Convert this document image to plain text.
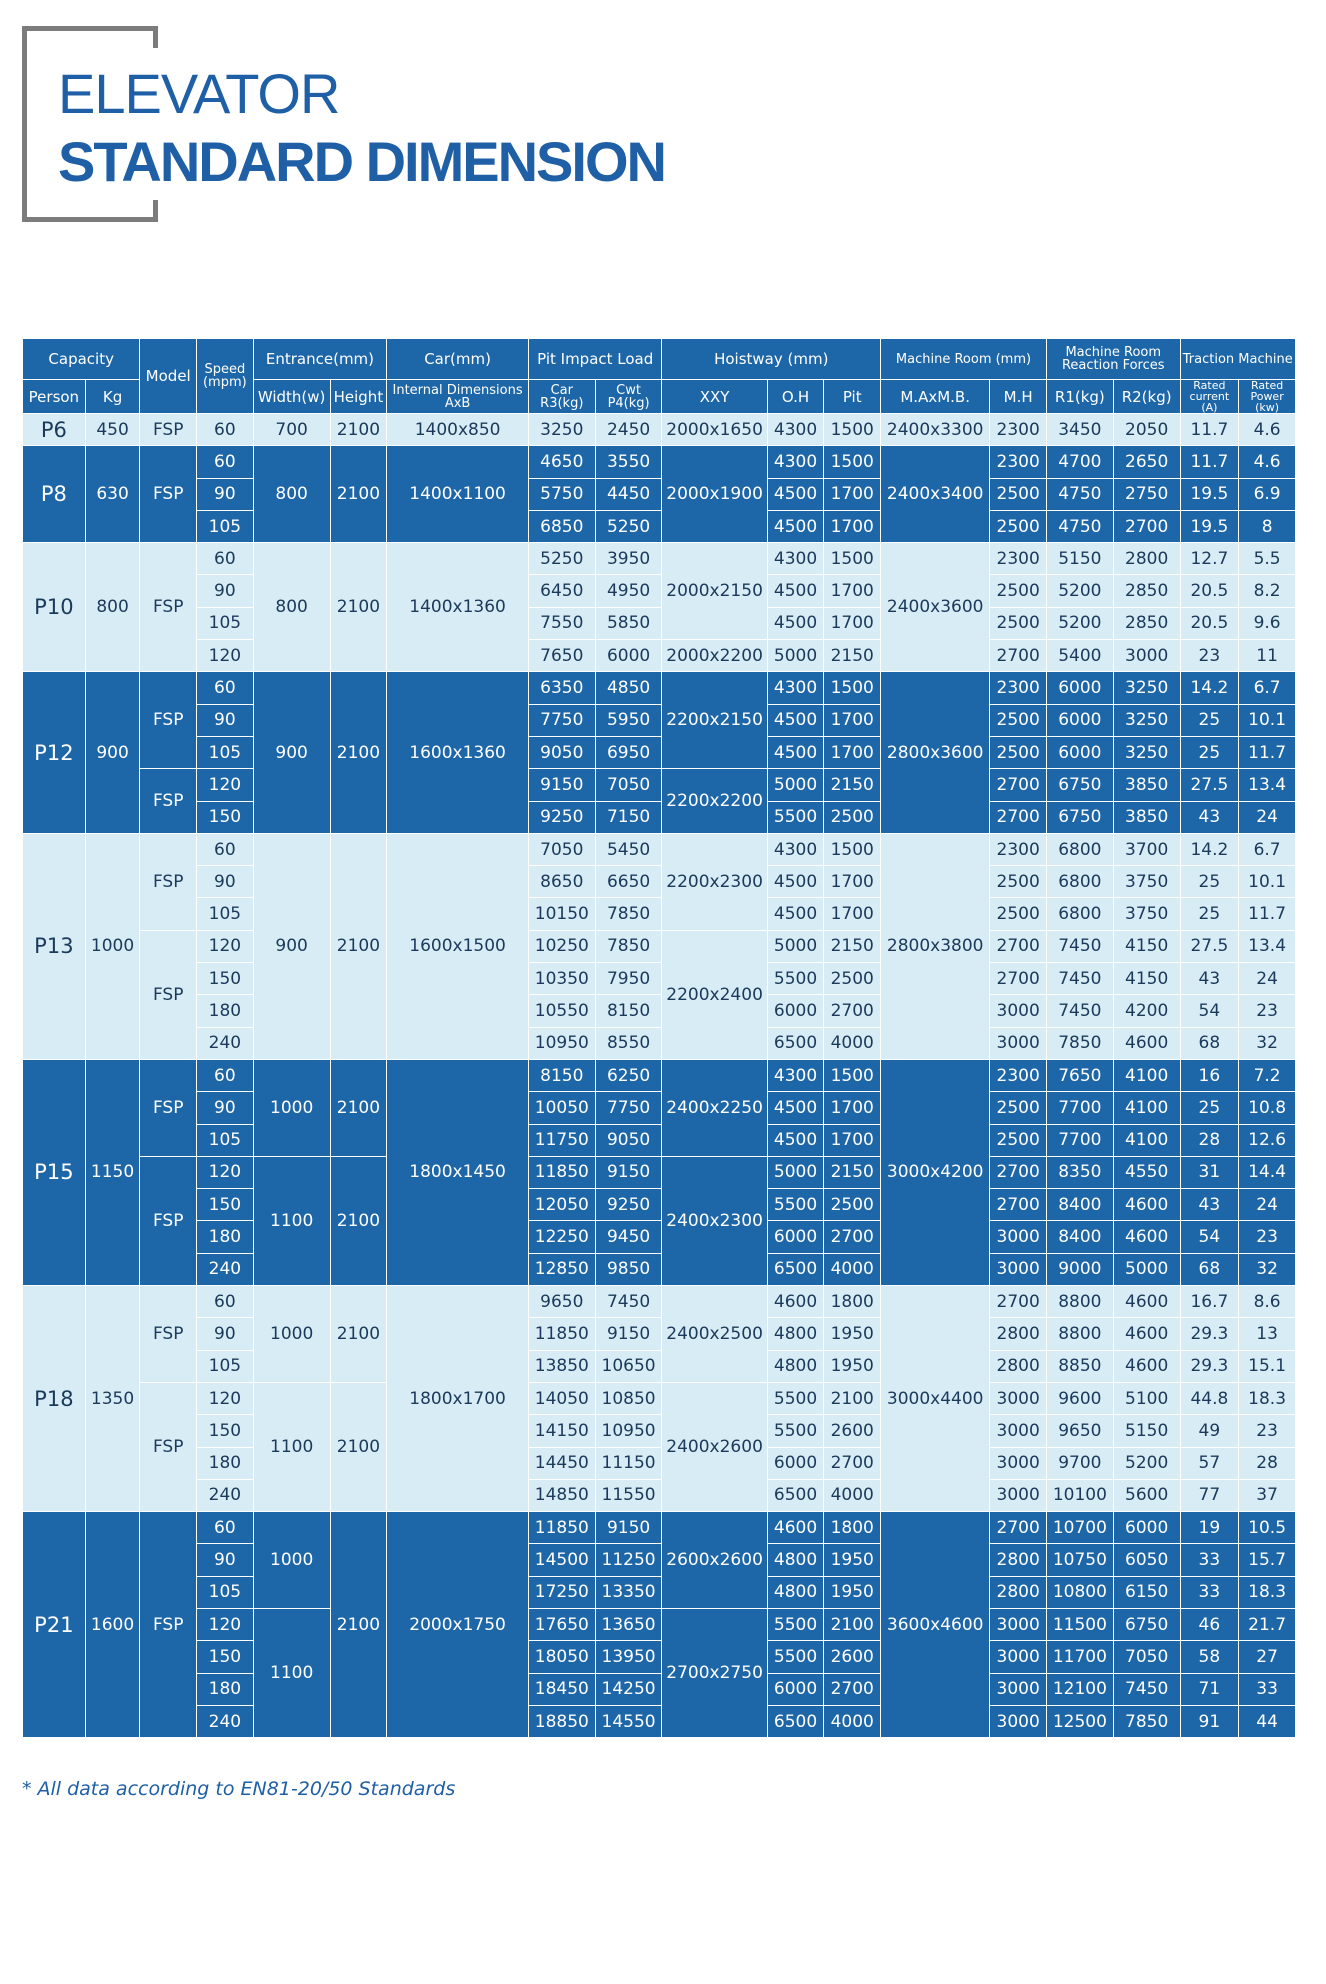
ELEVATOR
STANDARD DIMENSION
Capacity		Model	Speed (mpm)	Entrance(mm)		Car(mm)	Pit Impact Load		Hoistway (mm)			Machine Room (mm)		Machine Room Reaction Forces		Traction Machine	
Person	Kg			Width(w)	Height	Internal Dimensions AxB	Car R3(kg)	Cwt P4(kg)	XXY	O.H	Pit	M.AxM.B.	M.H	R1(kg)	R2(kg)	Rated current (A)	Rated Power (kw)
P6	450	FSP	60	700	2100	1400x850	3250	2450	2000x1650	4300	1500	2400x3300	2300	3450	2050	11.7	4.6
P8	630	FSP	60	800	2100	1400x1100	4650	3550	2000x1900	4300	1500	2400x3400	2300	4700	2650	11.7	4.6
			90				5750	4450		4500	1700		2500	4750	2750	19.5	6.9
			105				6850	5250		4500	1700		2500	4750	2700	19.5	8
P10	800	FSP	60	800	2100	1400x1360	5250	3950	2000x2150	4300	1500	2400x3600	2300	5150	2800	12.7	5.5
			90				6450	4950		4500	1700		2500	5200	2850	20.5	8.2
			105				7550	5850		4500	1700		2500	5200	2850	20.5	9.6
			120				7650	6000	2000x2200	5000	2150		2700	5400	3000	23	11
P12	900	FSP	60	900	2100	1600x1360	6350	4850	2200x2150	4300	1500	2800x3600	2300	6000	3250	14.2	6.7
			90				7750	5950		4500	1700		2500	6000	3250	25	10.1
			105				9050	6950		4500	1700		2500	6000	3250	25	11.7
		FSP	120				9150	7050	2200x2200	5000	2150		2700	6750	3850	27.5	13.4
			150				9250	7150		5500	2500		2700	6750	3850	43	24
P13	1000	FSP	60	900	2100	1600x1500	7050	5450	2200x2300	4300	1500	2800x3800	2300	6800	3700	14.2	6.7
			90				8650	6650		4500	1700		2500	6800	3750	25	10.1
			105				10150	7850		4500	1700		2500	6800	3750	25	11.7
		FSP	120				10250	7850	2200x2400	5000	2150		2700	7450	4150	27.5	13.4
			150				10350	7950		5500	2500		2700	7450	4150	43	24
			180				10550	8150		6000	2700		3000	7450	4200	54	23
			240				10950	8550		6500	4000		3000	7850	4600	68	32
P15	1150	FSP	60	1000	2100	1800x1450	8150	6250	2400x2250	4300	1500	3000x4200	2300	7650	4100	16	7.2
			90				10050	7750		4500	1700		2500	7700	4100	25	10.8
			105				11750	9050		4500	1700		2500	7700	4100	28	12.6
		FSP	120	1100	2100		11850	9150	2400x2300	5000	2150		2700	8350	4550	31	14.4
			150				12050	9250		5500	2500		2700	8400	4600	43	24
			180				12250	9450		6000	2700		3000	8400	4600	54	23
			240				12850	9850		6500	4000		3000	9000	5000	68	32
P18	1350	FSP	60	1000	2100	1800x1700	9650	7450	2400x2500	4600	1800	3000x4400	2700	8800	4600	16.7	8.6
			90				11850	9150		4800	1950		2800	8800	4600	29.3	13
			105				13850	10650		4800	1950		2800	8850	4600	29.3	15.1
		FSP	120	1100	2100		14050	10850	2400x2600	5500	2100		3000	9600	5100	44.8	18.3
			150				14150	10950		5500	2600		3000	9650	5150	49	23
			180				14450	11150		6000	2700		3000	9700	5200	57	28
			240				14850	11550		6500	4000		3000	10100	5600	77	37
P21	1600	FSP	60	1000	2100	2000x1750	11850	9150	2600x2600	4600	1800	3600x4600	2700	10700	6000	19	10.5
			90				14500	11250		4800	1950		2800	10750	6050	33	15.7
			105				17250	13350		4800	1950		2800	10800	6150	33	18.3
			120	1100			17650	13650	2700x2750	5500	2100		3000	11500	6750	46	21.7
			150				18050	13950		5500	2600		3000	11700	7050	58	27
			180				18450	14250		6000	2700		3000	12100	7450	71	33
			240				18850	14550		6500	4000		3000	12500	7850	91	44
* All data according to EN81-20/50 Standards
